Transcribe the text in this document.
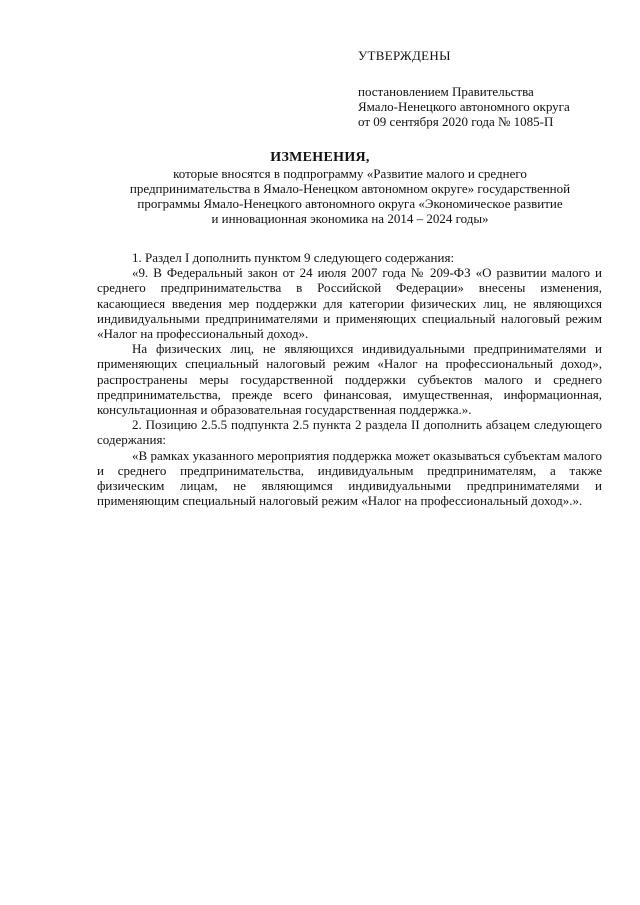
УТВЕРЖДЕНЫ
постановлением Правительства
Ямало-Ненецкого автономного округа
от 09 сентября 2020 года № 1085-П
ИЗМЕНЕНИЯ,
которые вносятся в подпрограмму «Развитие малого и среднего
предпринимательства в Ямало-Ненецком автономном округе» государственной
программы Ямало-Ненецкого автономного округа «Экономическое развитие
и инновационная экономика на 2014 – 2024 годы»

1. Раздел I дополнить пунктом 9 следующего содержания:

«9. В Федеральный закон от 24 июля 2007 года № 209-ФЗ «О развитии малого и среднего предпринимательства в Российской Федерации» внесены изменения, касающиеся введения мер поддержки для категории физических лиц, не являющихся индивидуальными предпринимателями и применяющих специальный налоговый режим «Налог на профессиональный доход».

На физических лиц, не являющихся индивидуальными предпринимателями и применяющих специальный налоговый режим «Налог на профессиональный доход», распространены меры государственной поддержки субъектов малого и среднего предпринимательства, прежде всего финансовая, имущественная, информационная, консультационная и образовательная государственная поддержка.».

2. Позицию 2.5.5 подпункта 2.5 пункта 2 раздела II дополнить абзацем следующего содержания:

«В рамках указанного мероприятия поддержка может оказываться субъектам малого и среднего предпринимательства, индивидуальным предпринимателям, а также физическим лицам, не являющимся индивидуальными предпринимателями и применяющим специальный налоговый режим «Налог на профессиональный доход».».
